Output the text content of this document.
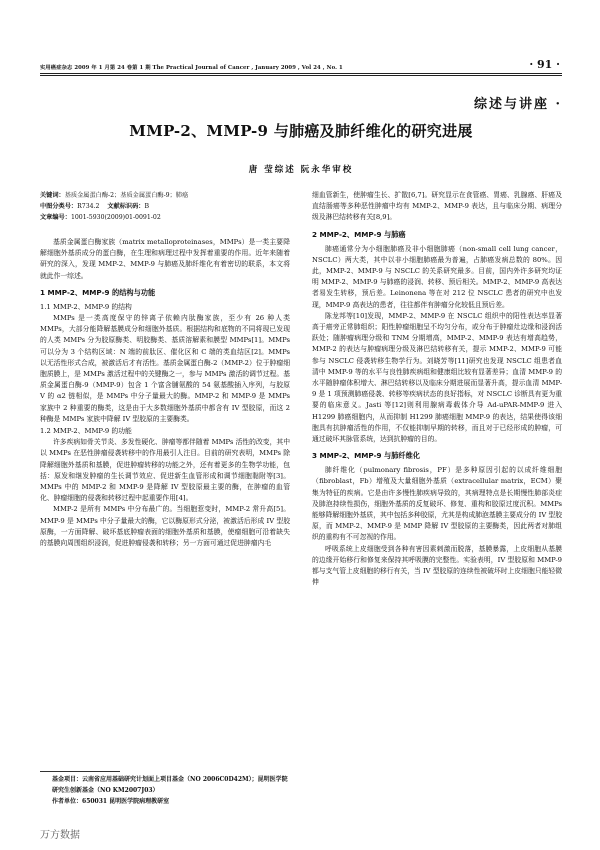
实用癌症杂志 2009 年 1 月第 24 卷第 1 期 The Practical Journal of Cancer , January 2009 , Vol 24 , No. 1	· 91 ·
综述与讲座 ·
MMP-2、MMP-9 与肺癌及肺纤维化的研究进展
唐 莹综述 阮永华审校

关键词：基质金属蛋白酶-2；基质金属蛋白酶-9；肺癌

中图分类号：R734.2 文献标识码：B

文章编号：1001-5930(2009)01-0091-02

基质金属蛋白酶家族（matrix metalloproteinases，MMPs）是一类主要降解细胞外基质成分的蛋白酶，在生理和病理过程中发挥着重要的作用。近年来随着研究的深入，发现 MMP-2、MMP-9 与肺癌及肺纤维化有着密切的联系，本文将就此作一综述。

1 MMP-2、MMP-9 的结构与功能
1.1 MMP-2、MMP-9 的结构

MMPs 是一类高度保守的锌离子依赖内肽酶家族，至少有 26 种人类 MMPs，大部分能降解基膜成分和细胞外基质。根据结构和底物的不同将现已发现的人类 MMPs 分为胶原酶类、明胶酶类、基质溶解素和膜型 MMPs[1]。MMPs 可以分为 3 个结构区域：N 端的前肽区、催化区和 C 端的类血结区[2]。MMPs 以无活性形式合成，被激活后才有活性。基质金属蛋白酶-2（MMP-2）位于肿瘤细胞质膜上，是 MMPs 激活过程中的关键酶之一，参与 MMPs 激活的调节过程。基质金属蛋白酶-9（MMP-9）包含 1 个富含脯氨酸的 54 氨基酸插入序列，与胶原 V 的 α2 链相似，是 MMPs 中分子量最大的酶。MMP-2 和 MMP-9 是 MMPs 家族中 2 种重要的酶类，这是由于大多数细胞外基质中都含有 IV 型胶原，而这 2 种酶是 MMPs 家族中降解 IV 型胶原的主要酶类。

1.2 MMP-2、MMP-9 的功能

许多疾病如骨关节炎、多发性硬化、肿瘤等都伴随着 MMPs 活性的改变，其中以 MMPs 在恶性肿瘤侵袭转移中的作用最引人注目。目前的研究表明，MMPs 除降解细胞外基质和基膜，促进肿瘤转移的功能之外，还有着更多的生物学功能，包括：原发和继发肿瘤的生长调节效应、促进新生血管形成和调节细胞黏附等[3]。MMPs 中的 MMP-2 和 MMP-9 是降解 IV 型胶原最主要的酶，在肿瘤的血管化、肿瘤细胞的侵袭和转移过程中起重要作用[4]。

MMP-2 是所有 MMPs 中分布最广的。当细胞惹变时，MMP-2 常升高[5]。MMP-9 是 MMPs 中分子量最大的酶，它以酶原形式分泌，被激活后形成 IV 型胶原酶，一方面降解、破坏基底肿瘤表面的细胞外基质和基膜，使瘤细胞可沿着缺失的基膜向周围组织浸润，促进肿瘤侵袭和转移；另一方面可通过促进肿瘤内毛

细血管新生，使肿瘤生长、扩散[6,7]。研究显示在食管癌、胃癌、乳腺癌、肝癌及直结肠癌等多种恶性肿瘤中均有 MMP-2、MMP-9 表达，且与临床分期、病理分级及淋巴结转移有关[8,9]。

2 MMP-2、MMP-9 与肺癌

肺癌通常分为小细胞肺癌及非小细胞肺癌（non-small cell lung cancer，NSCLC）两大类，其中以非小细胞肺癌最为普遍，占肺癌发病总数的 80%。因此，MMP-2、MMP-9 与 NSCLC 的关系研究最多。目前，国内外许多研究均证明 MMP-2、MMP-9 与肺癌的浸润、转移、预后相关。MMP-2、MMP-9 高表达者易发生转移，预后差。Leinonena 等在对 212 位 NSCLC 患者的研究中也发现，MMP-9 高表达的患者，往往都伴有肿瘤分化较低且预后差。

陈龙邦等[10]发现，MMP-2、MMP-9 在 NSCLC 组织中的阳性表达率显著高于癌旁正常肺组织；阳性肿瘤细胞呈不均匀分布，或分布于肿瘤灶边缘和浸润活跃处；随肿瘤病理分级和 TNM 分期增高，MMP-2、MMP-9 表达有增高趋势，MMP-2 的表达与肿瘤病理分级及淋巴结转移有关，提示 MMP-2、MMP-9 可能参与 NSCLC 侵袭转移生物学行为。刘晓芳等[11]研究也发现 NSCLC 组患者血清中 MMP-9 等的水平与良性肺疾病组和健康组比较有显著差异；血清 MMP-9 的水平随肿瘤体积增大、淋巴结转移以及临床分期进展而显著升高，提示血清 MMP-9 是 1 项预测肺癌侵袭、转移等疾病状态的良好指标，对 NSCLC 诊断具有更为重要的临床意义。Jasti 等[12]则利用腺病毒载体介导 Ad-uPAR-MMP-9 进入 H1299 肺癌细胞内，从而抑制 H1299 肺癌细胞 MMP-9 的表达，结果使得该细胞具有抗肿瘤活性的作用，不仅能抑制早期的转移，而且对于已经形成的肿瘤，可通过破坏其脉管系统，达到抗肿瘤的目的。

3 MMP-2、MMP-9 与肺纤维化

肺纤维化（pulmonary fibrosis，PF）是多种原因引起的以成纤维细胞（fibroblast，Fb）增殖及大量细胞外基质（extracellular matrix，ECM）聚集为特征的疾病。它是由许多慢性肺疾病导致的，其病理特点是长期慢性肺部炎症及肺泡持续性损伤，细胞外基质的反复破坏、修复、重构和胶原过度沉积。MMPs 能够降解细胞外基质，其中包括多种胶原，尤其是构成肺泡基膜主要成分的 IV 型胶原，而 MMP-2、MMP-9 是 MMP 降解 IV 型胶原的主要酶类，因此两者对肺组织的重构有不可忽视的作用。

呼吸系统上皮细胞受到各种有害因素刺激而脱落，基膜暴露，上皮细胞从基膜的边缘开始移行和修复来保持其呼吸膜的完整性。实验表明，IV 型胶原和 MMP-9 都与支气管上皮细胞的移行有关，当 IV 型胶原的连续性被破坏时上皮细胞只能轻微伸

基金项目：云南省应用基础研究计划面上项目基金（NO 2006C0D42M）；昆明医学院研究生创新基金（NO KM2007J03）

作者单位：650031 昆明医学院病理教研室

万方数据
